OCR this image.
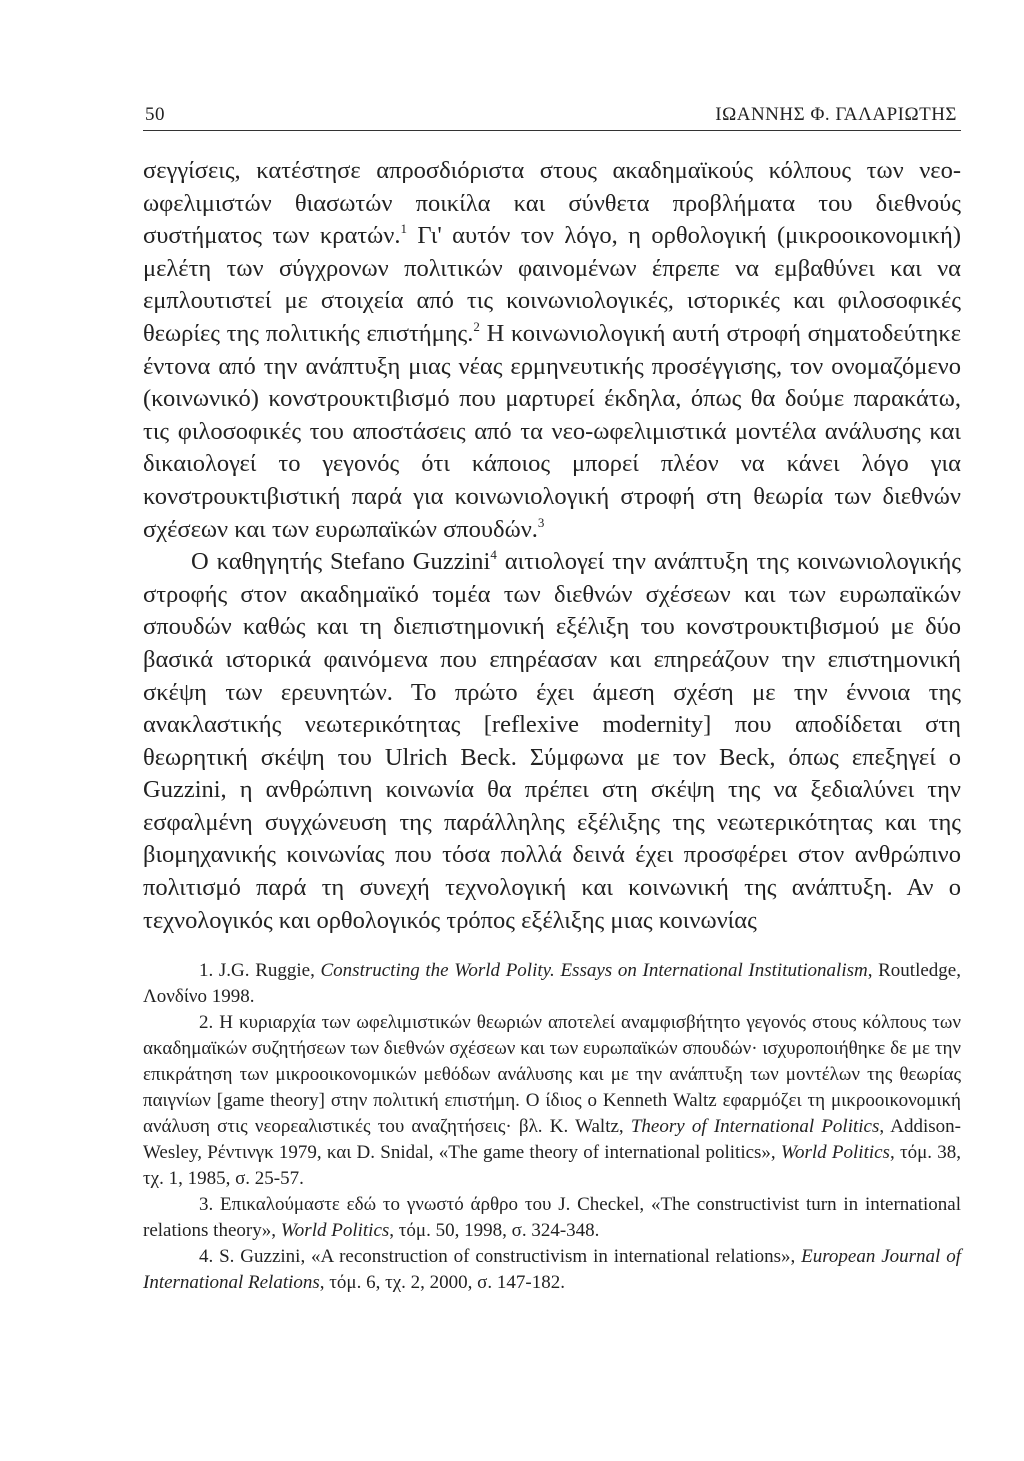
50	ΙΩΑΝΝΗΣ Φ. ΓΑΛΑΡΙΩΤΗΣ

σεγγίσεις, κατέστησε απροσδιόριστα στους ακαδημαϊκούς κόλπους των νεο-ωφελιμιστών θιασωτών ποικίλα και σύνθετα προβλήματα του διεθνούς συστήματος των κρατών.$^1$ Γι' αυτόν τον λόγο, η ορθολογική (μικροοικονομική) μελέτη των σύγχρονων πολιτικών φαινομένων έπρεπε να εμβαθύνει και να εμπλουτιστεί με στοιχεία από τις κοινωνιολογικές, ιστορικές και φιλοσοφικές θεωρίες της πολιτικής επιστήμης.$^2$ Η κοινωνιολογική αυτή στροφή σηματοδεύτηκε έντονα από την ανάπτυξη μιας νέας ερμηνευτικής προσέγγισης, τον ονομαζόμενο (κοινωνικό) κονστρουκτιβισμό που μαρτυρεί έκδηλα, όπως θα δούμε παρακάτω, τις φιλοσοφικές του αποστάσεις από τα νεο-ωφελιμιστικά μοντέλα ανάλυσης και δικαιολογεί το γεγονός ότι κάποιος μπορεί πλέον να κάνει λόγο για κονστρουκτιβιστική παρά για κοινωνιολογική στροφή στη θεωρία των διεθνών σχέσεων και των ευρωπαϊκών σπουδών.$^3$

Ο καθηγητής Stefano Guzzini$^4$ αιτιολογεί την ανάπτυξη της κοινωνιολογικής στροφής στον ακαδημαϊκό τομέα των διεθνών σχέσεων και των ευρωπαϊκών σπουδών καθώς και τη διεπιστημονική εξέλιξη του κονστρουκτιβισμού με δύο βασικά ιστορικά φαινόμενα που επηρέασαν και επηρεάζουν την επιστημονική σκέψη των ερευνητών. Το πρώτο έχει άμεση σχέση με την έννοια της ανακλαστικής νεωτερικότητας [reflexive modernity] που αποδίδεται στη θεωρητική σκέψη του Ulrich Beck. Σύμφωνα με τον Beck, όπως επεξηγεί ο Guzzini, η ανθρώπινη κοινωνία θα πρέπει στη σκέψη της να ξεδιαλύνει την εσφαλμένη συγχώνευση της παράλληλης εξέλιξης της νεωτερικότητας και της βιομηχανικής κοινωνίας που τόσα πολλά δεινά έχει προσφέρει στον ανθρώπινο πολιτισμό παρά τη συνεχή τεχνολογική και κοινωνική της ανάπτυξη. Αν ο τεχνολογικός και ορθολογικός τρόπος εξέλιξης μιας κοινωνίας

1. J.G. Ruggie, Constructing the World Polity. Essays on International Institutionalism, Routledge, Λονδίνο 1998.

2. Η κυριαρχία των ωφελιμιστικών θεωριών αποτελεί αναμφισβήτητο γεγονός στους κόλπους των ακαδημαϊκών συζητήσεων των διεθνών σχέσεων και των ευρωπαϊκών σπουδών· ισχυροποιήθηκε δε με την επικράτηση των μικροοικονομικών μεθόδων ανάλυσης και με την ανάπτυξη των μοντέλων της θεωρίας παιγνίων [game theory] στην πολιτική επιστήμη. Ο ίδιος ο Kenneth Waltz εφαρμόζει τη μικροοικονομική ανάλυση στις νεορεαλιστικές του αναζητήσεις· βλ. K. Waltz, Theory of International Politics, Addison-Wesley, Ρέντινγκ 1979, και D. Snidal, «The game theory of international politics», World Politics, τόμ. 38, τχ. 1, 1985, σ. 25-57.

3. Επικαλούμαστε εδώ το γνωστό άρθρο του J. Checkel, «The constructivist turn in international relations theory», World Politics, τόμ. 50, 1998, σ. 324-348.

4. S. Guzzini, «A reconstruction of constructivism in international relations», European Journal of International Relations, τόμ. 6, τχ. 2, 2000, σ. 147-182.
